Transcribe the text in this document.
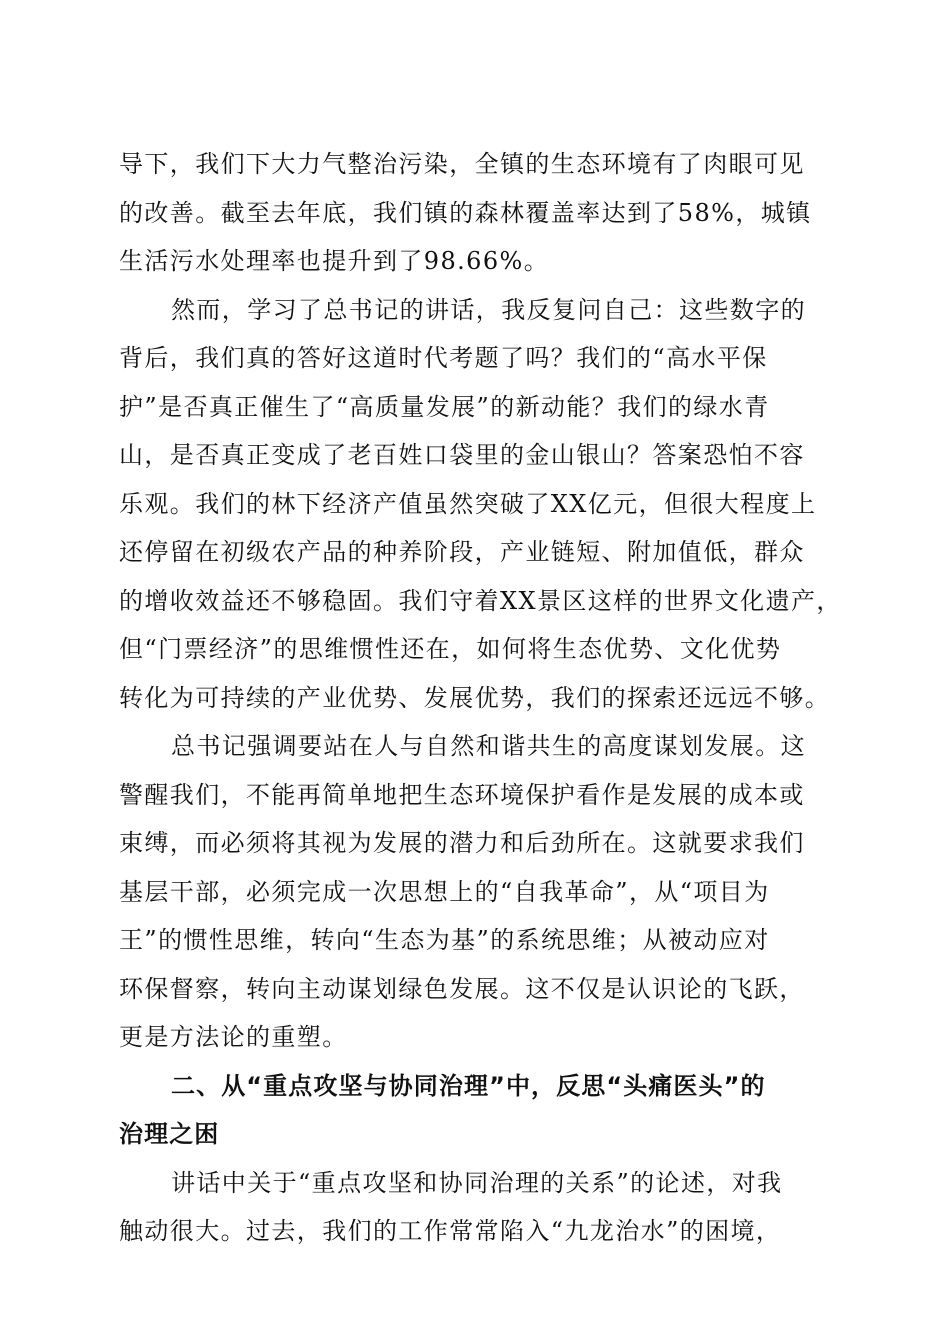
导下，我们下大力气整治污染，全镇的生态环境有了肉眼可见
的改善。截至去年底，我们镇的森林覆盖率达到了58%，城镇
生活污水处理率也提升到了98.66%。
然而，学习了总书记的讲话，我反复问自己：这些数字的
背后，我们真的答好这道时代考题了吗？我们的“高水平保
护”是否真正催生了“高质量发展”的新动能？我们的绿水青
山，是否真正变成了老百姓口袋里的金山银山？答案恐怕不容
乐观。我们的林下经济产值虽然突破了XX亿元，但很大程度上
还停留在初级农产品的种养阶段，产业链短、附加值低，群众
的增收效益还不够稳固。我们守着XX景区这样的世界文化遗产，
但“门票经济”的思维惯性还在，如何将生态优势、文化优势
转化为可持续的产业优势、发展优势，我们的探索还远远不够。
总书记强调要站在人与自然和谐共生的高度谋划发展。这
警醒我们，不能再简单地把生态环境保护看作是发展的成本或
束缚，而必须将其视为发展的潜力和后劲所在。这就要求我们
基层干部，必须完成一次思想上的“自我革命”，从“项目为
王”的惯性思维，转向“生态为基”的系统思维；从被动应对
环保督察，转向主动谋划绿色发展。这不仅是认识论的飞跃，
更是方法论的重塑。
二、从“重点攻坚与协同治理”中，反思“头痛医头”的
治理之困
讲话中关于“重点攻坚和协同治理的关系”的论述，对我
触动很大。过去，我们的工作常常陷入“九龙治水”的困境，
